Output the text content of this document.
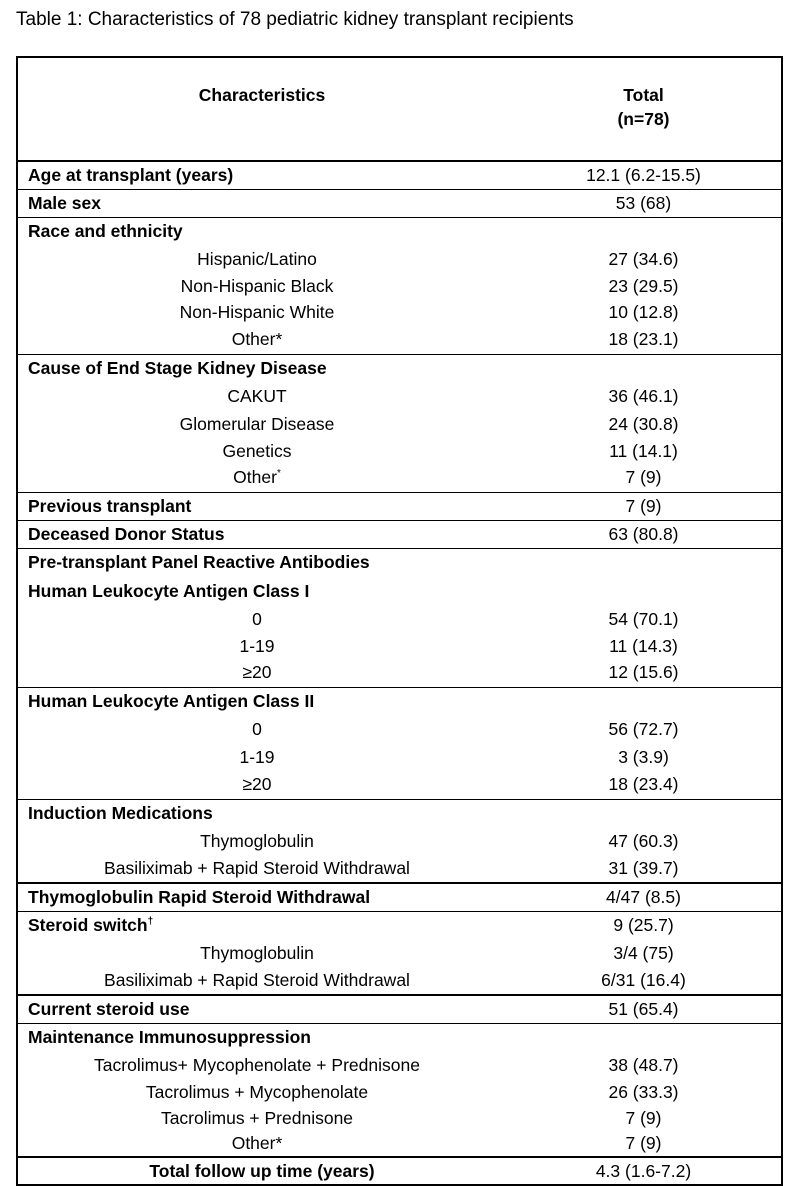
Table 1: Characteristics of 78 pediatric kidney transplant recipients
Characteristics	Total
(n=78)

Age at transplant (years)	12.1 (6.2-15.5)
Male sex	53 (68)
Race and ethnicity	
Hispanic/Latino	27 (34.6)
Non-Hispanic Black	23 (29.5)
Non-Hispanic White	10 (12.8)
Other*	18 (23.1)
Cause of End Stage Kidney Disease	
CAKUT	36 (46.1)
Glomerular Disease	24 (30.8)
Genetics	11 (14.1)
Other*	7 (9)
Previous transplant	7 (9)
Deceased Donor Status	63 (80.8)
Pre-transplant Panel Reactive Antibodies	
Human Leukocyte Antigen Class I	
0	54 (70.1)
1-19	11 (14.3)
≥20	12 (15.6)
Human Leukocyte Antigen Class II	
0	56 (72.7)
1-19	3 (3.9)
≥20	18 (23.4)
Induction Medications	
Thymoglobulin	47 (60.3)
Basiliximab + Rapid Steroid Withdrawal	31 (39.7)
Thymoglobulin Rapid Steroid Withdrawal	4/47 (8.5)
Steroid switch†	9 (25.7)
Thymoglobulin	3/4 (75)
Basiliximab + Rapid Steroid Withdrawal	6/31 (16.4)
Current steroid use	51 (65.4)
Maintenance Immunosuppression	
Tacrolimus+ Mycophenolate + Prednisone	38 (48.7)
Tacrolimus + Mycophenolate	26 (33.3)
Tacrolimus + Prednisone	7 (9)
Other*	7 (9)
Total follow up time (years)	4.3 (1.6-7.2)
